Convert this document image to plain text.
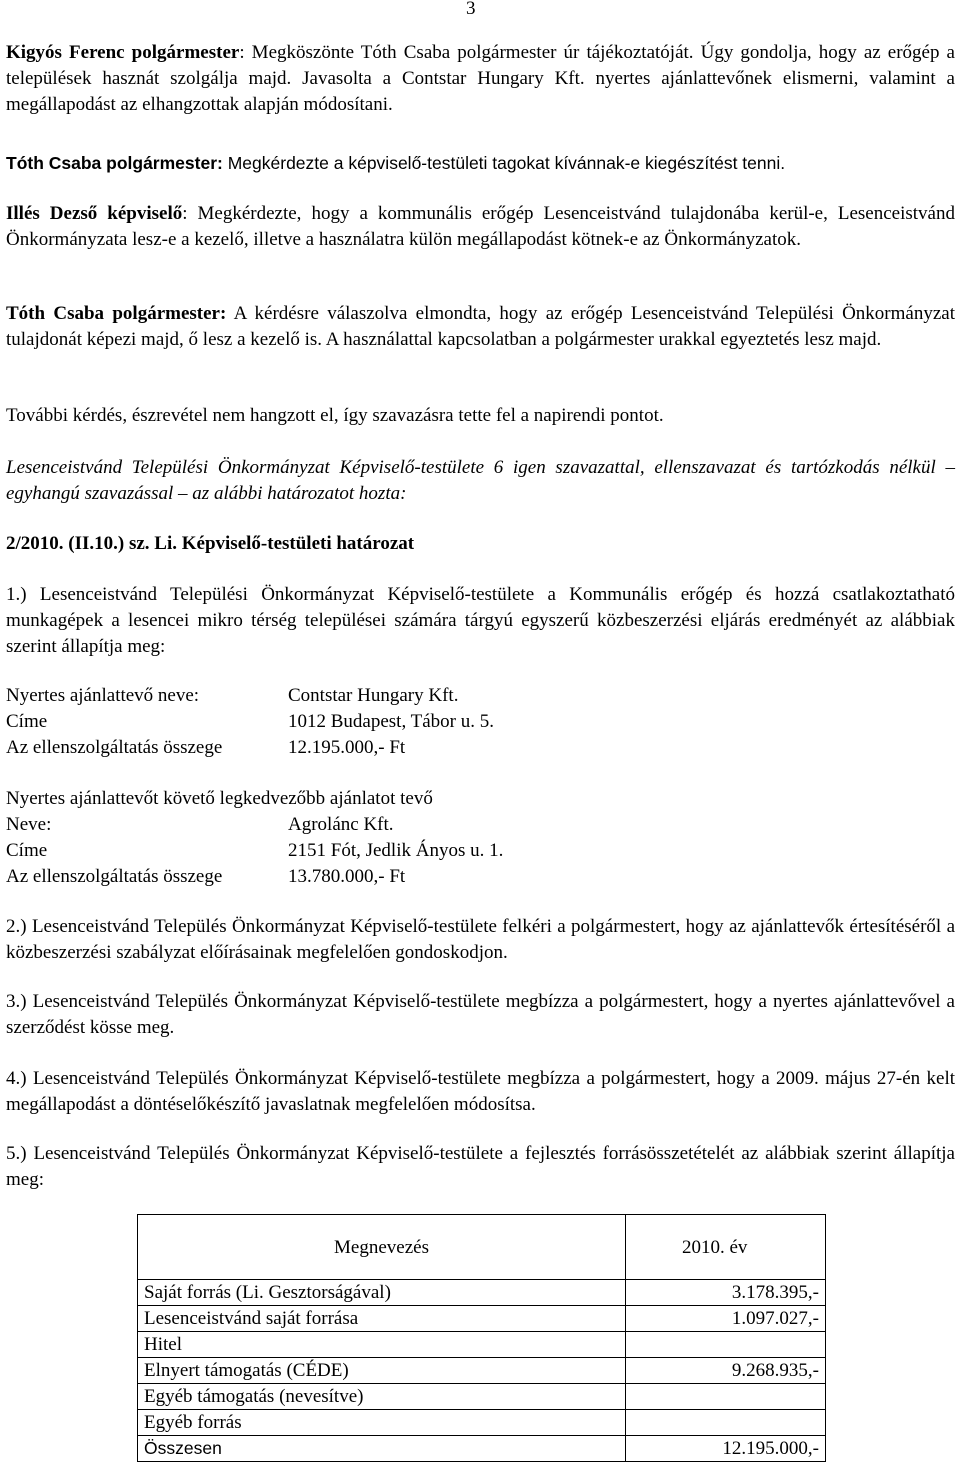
3

Kigyós Ferenc polgármester: Megköszönte Tóth Csaba polgármester úr tájékoztatóját. Úgy gondolja, hogy az erőgép a települések hasznát szolgálja majd. Javasolta a Contstar Hungary Kft. nyertes ajánlattevőnek elismerni, valamint a megállapodást az elhangzottak alapján módosítani.

Tóth Csaba polgármester: Megkérdezte a képviselő-testületi tagokat kívánnak-e kiegészítést tenni.

Illés Dezső képviselő: Megkérdezte, hogy a kommunális erőgép Lesenceistvánd tulajdonába kerül-e, Lesenceistvánd Önkormányzata lesz-e a kezelő, illetve a használatra külön megállapodást kötnek-e az Önkormányzatok.

Tóth Csaba polgármester: A kérdésre válaszolva elmondta, hogy az erőgép Lesenceistvánd Települési Önkormányzat tulajdonát képezi majd, ő lesz a kezelő is. A használattal kapcsolatban a polgármester urakkal egyeztetés lesz majd.

További kérdés, észrevétel nem hangzott el, így szavazásra tette fel a napirendi pontot.

Lesenceistvánd Települési Önkormányzat Képviselő-testülete 6 igen szavazattal, ellenszavazat és tartózkodás nélkül – egyhangú szavazással – az alábbi határozatot hozta:

2/2010. (II.10.) sz. Li. Képviselő-testületi határozat

1.) Lesenceistvánd Települési Önkormányzat Képviselő-testülete a Kommunális erőgép és hozzá csatlakoztatható munkagépek a lesencei mikro térség települései számára tárgyú egyszerű közbeszerzési eljárás eredményét az alábbiak szerint állapítja meg:

Nyertes ajánlattevő neve:	Contstar Hungary Kft.
Címe	1012 Budapest, Tábor u. 5.
Az ellenszolgáltatás összege	12.195.000,- Ft
Nyertes ajánlattevőt követő legkedvezőbb ajánlatot tevő
Neve:	Agrolánc Kft.
Címe	2151 Fót, Jedlik Ányos u. 1.
Az ellenszolgáltatás összege	13.780.000,- Ft

2.) Lesenceistvánd Település Önkormányzat Képviselő-testülete felkéri a polgármestert, hogy az ajánlattevők értesítéséről a közbeszerzési szabályzat előírásainak megfelelően gondoskodjon.

3.) Lesenceistvánd Település Önkormányzat Képviselő-testülete megbízza a polgármestert, hogy a nyertes ajánlattevővel a szerződést kösse meg.

4.) Lesenceistvánd Település Önkormányzat Képviselő-testülete megbízza a polgármestert, hogy a 2009. május 27-én kelt megállapodást a döntéselőkészítő javaslatnak megfelelően módosítsa.

5.) Lesenceistvánd Település Önkormányzat Képviselő-testülete a fejlesztés forrásösszetételét az alábbiak szerint állapítja meg:

Megnevezés	2010. év
Saját forrás (Li. Gesztorságával)	3.178.395,-
Lesenceistvánd saját forrása	1.097.027,-
Hitel	
Elnyert támogatás (CÉDE)	9.268.935,-
Egyéb támogatás (nevesítve)	
Egyéb forrás	
Összesen	12.195.000,-
